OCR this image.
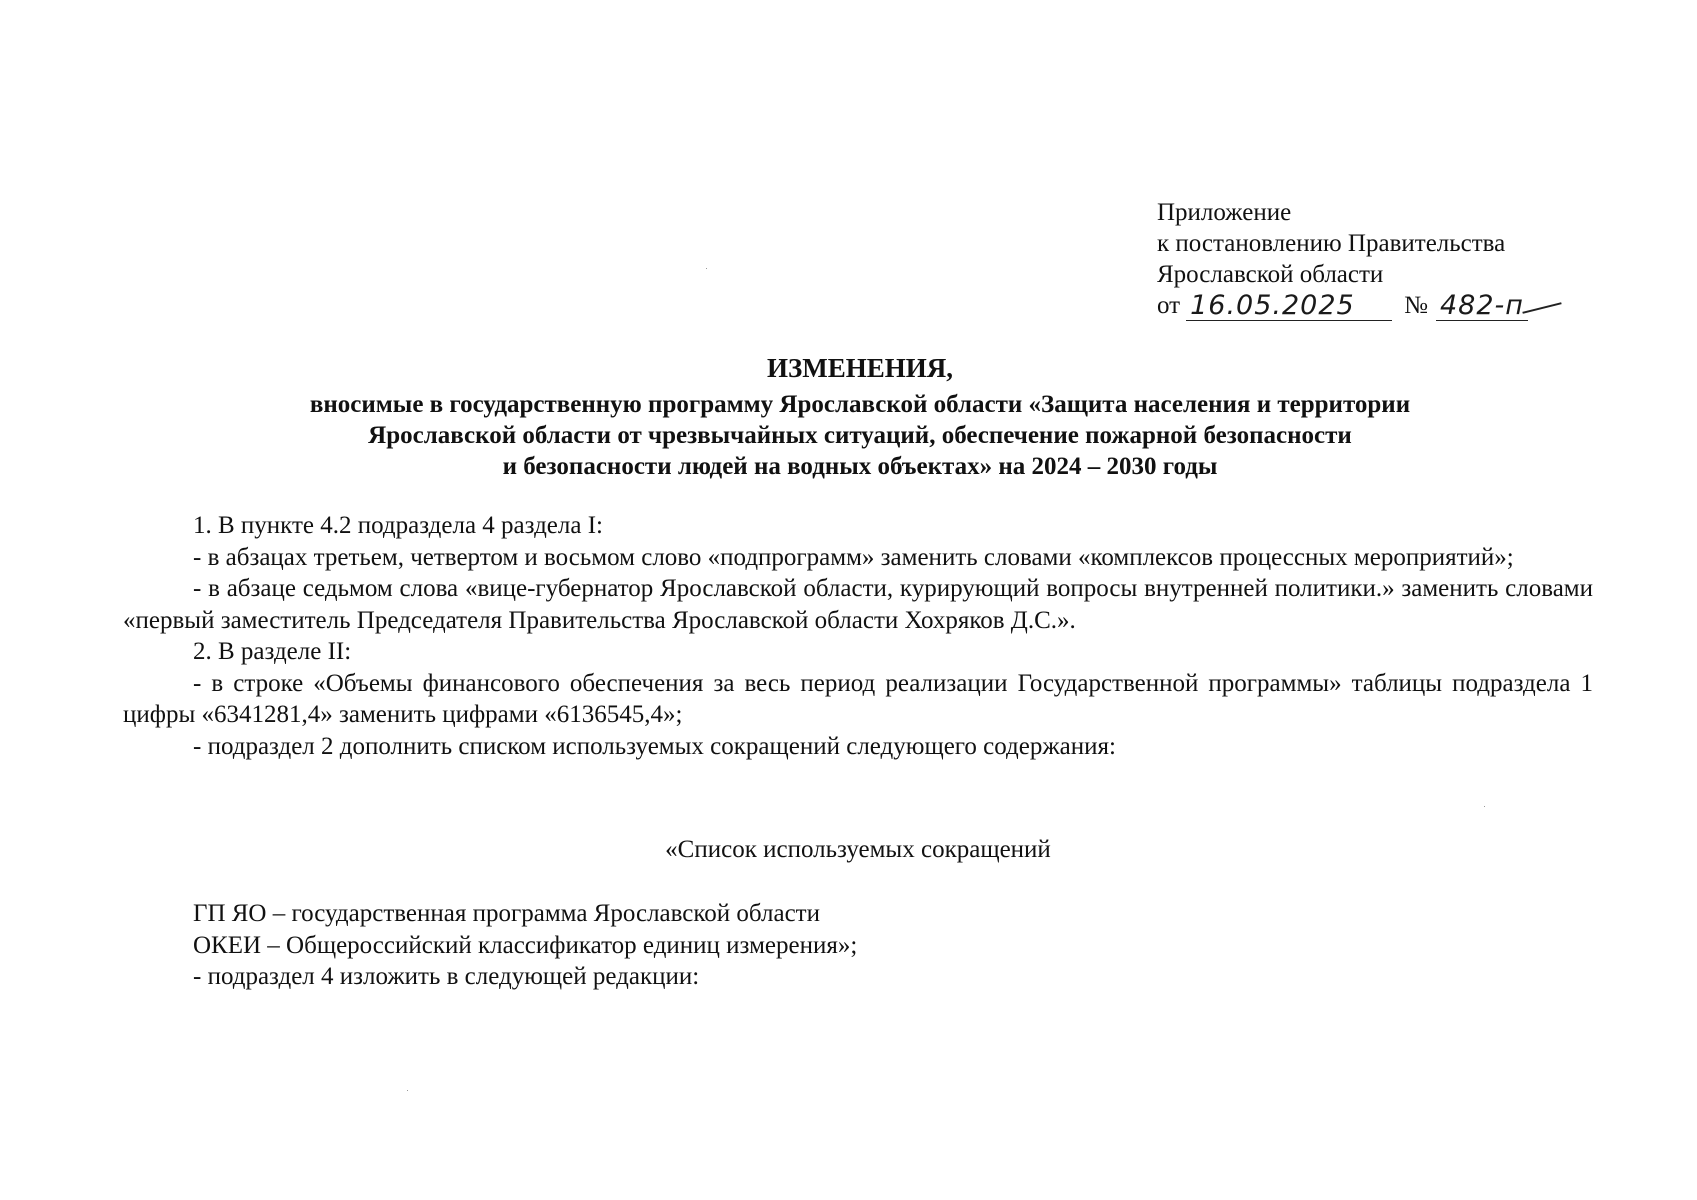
Приложение
к постановлению Правительства
Ярославской области
от 16.05.2025	№ 482-п
ИЗМЕНЕНИЯ,
вносимые в государственную программу Ярославской области «Защита населения и территории
Ярославской области от чрезвычайных ситуаций, обеспечение пожарной безопасности
и безопасности людей на водных объектах» на 2024 – 2030 годы

1. В пункте 4.2 подраздела 4 раздела I:

- в абзацах третьем, четвертом и восьмом слово «подпрограмм» заменить словами «комплексов процессных мероприятий»;

- в абзаце седьмом слова «вице-губернатор Ярославской области, курирующий вопросы внутренней политики.» заменить словами «первый заместитель Председателя Правительства Ярославской области Хохряков Д.С.».

2. В разделе II:

- в строке «Объемы финансового обеспечения за весь период реализации Государственной программы» таблицы подраздела 1 цифры «6341281,4» заменить цифрами «6136545,4»;

- подраздел 2 дополнить списком используемых сокращений следующего содержания:

«Список используемых сокращений
ГП ЯО – государственная программа Ярославской области
ОКЕИ – Общероссийский классификатор единиц измерения»;
- подраздел 4 изложить в следующей редакции:
